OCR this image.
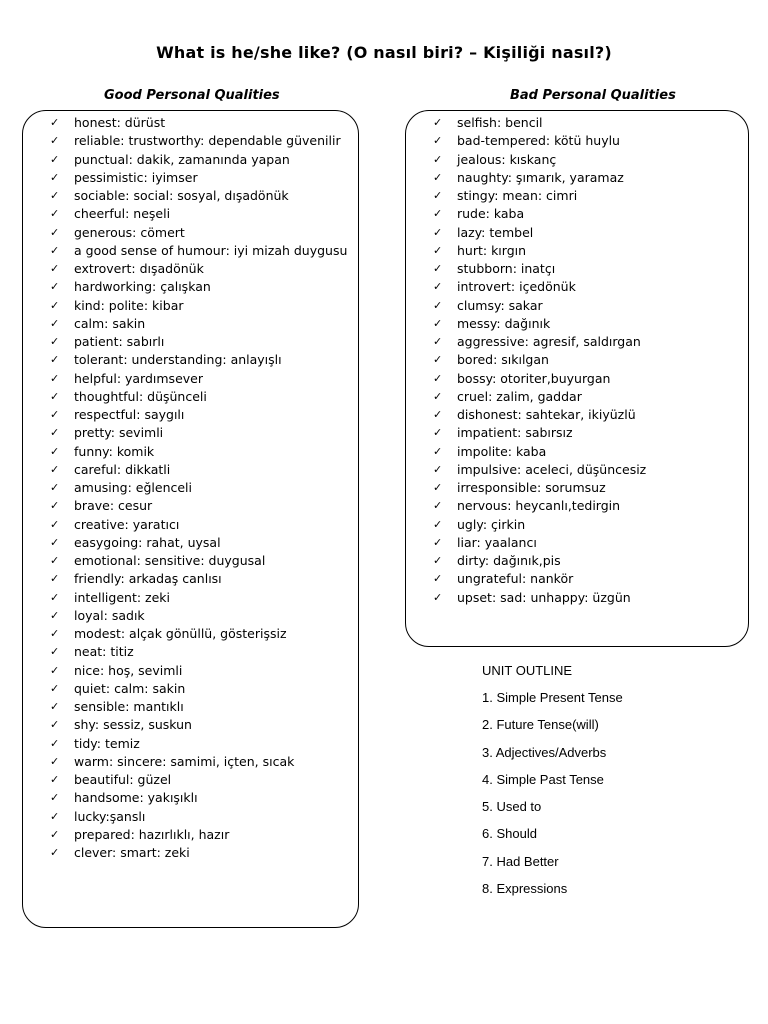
What is he/she like? (O nasıl biri? – Kişiliği nasıl?)
Good Personal Qualities	Bad Personal Qualities
✓	honest: dürüst
✓	reliable: trustworthy: dependable güvenilir
✓	punctual: dakik, zamanında yapan
✓	pessimistic: iyimser
✓	sociable: social: sosyal, dışadönük
✓	cheerful: neşeli
✓	generous: cömert
✓	a good sense of humour: iyi mizah duygusu
✓	extrovert: dışadönük
✓	hardworking: çalışkan
✓	kind: polite: kibar
✓	calm: sakin
✓	patient: sabırlı
✓	tolerant: understanding: anlayışlı
✓	helpful: yardımsever
✓	thoughtful: düşünceli
✓	respectful: saygılı
✓	pretty: sevimli
✓	funny: komik
✓	careful: dikkatli
✓	amusing: eğlenceli
✓	brave: cesur
✓	creative: yaratıcı
✓	easygoing: rahat, uysal
✓	emotional: sensitive: duygusal
✓	friendly: arkadaş canlısı
✓	intelligent: zeki
✓	loyal: sadık
✓	modest: alçak gönüllü, gösterişsiz
✓	neat: titiz
✓	nice: hoş, sevimli
✓	quiet: calm: sakin
✓	sensible: mantıklı
✓	shy: sessiz, suskun
✓	tidy: temiz
✓	warm: sincere: samimi, içten, sıcak
✓	beautiful: güzel
✓	handsome: yakışıklı
✓	lucky:şanslı
✓	prepared: hazırlıklı, hazır
✓	clever: smart: zeki
✓	selfish: bencil
✓	bad-tempered: kötü huylu
✓	jealous: kıskanç
✓	naughty: şımarık, yaramaz
✓	stingy: mean: cimri
✓	rude: kaba
✓	lazy: tembel
✓	hurt: kırgın
✓	stubborn: inatçı
✓	introvert: içedönük
✓	clumsy: sakar
✓	messy: dağınık
✓	aggressive: agresif, saldırgan
✓	bored: sıkılgan
✓	bossy: otoriter,buyurgan
✓	cruel: zalim, gaddar
✓	dishonest: sahtekar, ikiyüzlü
✓	impatient: sabırsız
✓	impolite: kaba
✓	impulsive: aceleci, düşüncesiz
✓	irresponsible: sorumsuz
✓	nervous: heycanlı,tedirgin
✓	ugly: çirkin
✓	liar: yaalancı
✓	dirty: dağınık,pis
✓	ungrateful: nankör
✓	upset: sad: unhappy: üzgün
UNIT OUTLINE
1. Simple Present Tense
2. Future Tense(will)
3. Adjectives/Adverbs
4. Simple Past Tense
5. Used to
6. Should
7. Had Better
8. Expressions
